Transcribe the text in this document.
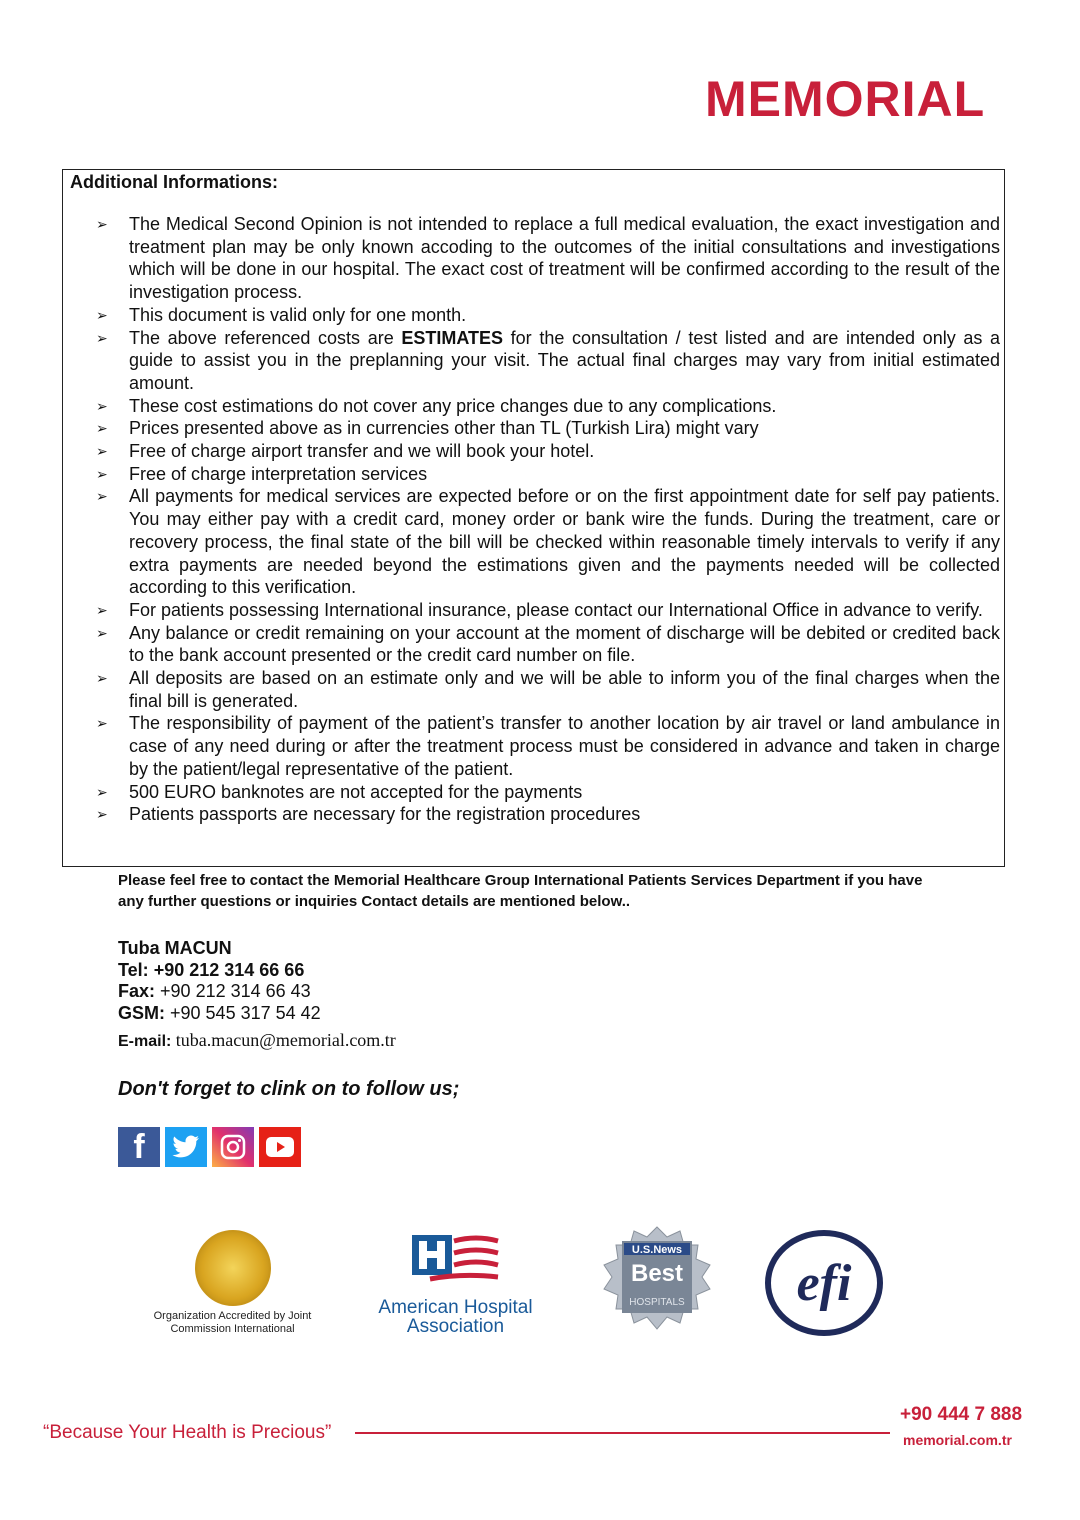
MEMORIAL
Additional Informations:
➢ The Medical Second Opinion is not intended to replace a full medical evaluation, the exact investigation and treatment plan may be only known accoding to the outcomes of the initial consultations and investigations which will be done in our hospital. The exact cost of treatment will be confirmed according to the result of the investigation process.
➢ This document is valid only for one month.
➢ The above referenced costs are ESTIMATES for the consultation / test listed and are intended only as a guide to assist you in the preplanning your visit. The actual final charges may vary from initial estimated amount.
➢ These cost estimations do not cover any price changes due to any complications.
➢ Prices presented above as in currencies other than TL (Turkish Lira) might vary
➢ Free of charge airport transfer and we will book your hotel.
➢ Free of charge interpretation services
➢ All payments for medical services are expected before or on the first appointment date for self pay patients. You may either pay with a credit card, money order or bank wire the funds. During the treatment, care or recovery process, the final state of the bill will be checked within reasonable timely intervals to verify if any extra payments are needed beyond the estimations given and the payments needed will be collected according to this verification.
➢ For patients possessing International insurance, please contact our International Office in advance to verify.
➢ Any balance or credit remaining on your account at the moment of discharge will be debited or credited back to the bank account presented or the credit card number on file.
➢ All deposits are based on an estimate only and we will be able to inform you of the final charges when the final bill is generated.
➢ The responsibility of payment of the patient’s transfer to another location by air travel or land ambulance in case of any need during or after the treatment process must be considered in advance and taken in charge by the patient/legal representative of the patient.
➢ 500 EURO banknotes are not accepted for the payments
➢ Patients passports are necessary for the registration procedures
Please feel free to contact the Memorial Healthcare Group International Patients Services Department if you have any further questions or inquiries Contact details are mentioned below..
Tuba MACUN
Tel: +90 212 314 66 66
Fax: +90 212 314 66 43
GSM: +90 545 317 54 42
E-mail: tuba.macun@memorial.com.tr
Don't forget to clink on to follow us;
f
Organization Accredited by Joint Commission International
American Hospital
Association
U.S.News
Best
HOSPITALS efi
“Because Your Health is Precious”
+90 444 7 888
memorial.com.tr
